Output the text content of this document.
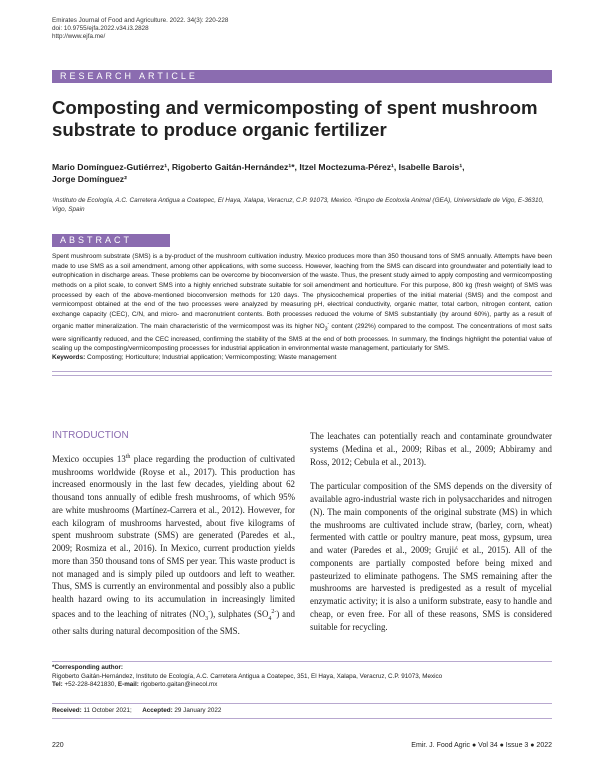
Emirates Journal of Food and Agriculture. 2022. 34(3): 220-228
doi: 10.9755/ejfa.2022.v34.i3.2828
http://www.ejfa.me/
RESEARCH ARTICLE
Composting and vermicomposting of spent mushroom substrate to produce organic fertilizer
Mario Domínguez-Gutiérrez¹, Rigoberto Gaitán-Hernández¹*, Itzel Moctezuma-Pérez¹, Isabelle Barois¹,
Jorge Domínguez²
¹Instituto de Ecología, A.C. Carretera Antigua a Coatepec, El Haya, Xalapa, Veracruz, C.P. 91073, Mexico. ²Grupo de Ecoloxía Animal (GEA), Universidade de Vigo, E-36310, Vigo, Spain
ABSTRACT
Spent mushroom substrate (SMS) is a by-product of the mushroom cultivation industry. Mexico produces more than 350 thousand tons of SMS annually. Attempts have been made to use SMS as a soil amendment, among other applications, with some success. However, leaching from the SMS can discard into groundwater and potentially lead to eutrophication in discharge areas. These problems can be overcome by bioconversion of the waste. Thus, the present study aimed to apply composting and vermicomposting methods on a pilot scale, to convert SMS into a highly enriched substrate suitable for soil amendment and horticulture. For this purpose, 800 kg (fresh weight) of SMS was processed by each of the above-mentioned bioconversion methods for 120 days. The physicochemical properties of the initial material (SMS) and the compost and vermicompost obtained at the end of the two processes were analyzed by measuring pH, electrical conductivity, organic matter, total carbon, nitrogen content, cation exchange capacity (CEC), C/N, and micro- and macronutrient contents. Both processes reduced the volume of SMS substantially (by around 60%), partly as a result of organic matter mineralization. The main characteristic of the vermicompost was its higher $NO_3^-$ content (292%) compared to the compost. The concentrations of most salts were significantly reduced, and the CEC increased, confirming the stability of the SMS at the end of both processes. In summary, the findings highlight the potential value of scaling up the composting/vermicomposting processes for industrial application in environmental waste management, particularly for SMS.
Keywords: Composting; Horticulture; Industrial application; Vermicomposting; Waste management
INTRODUCTION

Mexico occupies 13th place regarding the production of cultivated mushrooms worldwide (Royse et al., 2017). This production has increased enormously in the last few decades, yielding about 62 thousand tons annually of edible fresh mushrooms, of which 95% are white mushrooms (Martínez-Carrera et al., 2012). However, for each kilogram of mushrooms harvested, about five kilograms of spent mushroom substrate (SMS) are generated (Paredes et al., 2009; Rosmiza et al., 2016). In Mexico, current production yields more than 350 thousand tons of SMS per year. This waste product is not managed and is simply piled up outdoors and left to weather. Thus, SMS is currently an environmental and possibly also a public health hazard owing to its accumulation in increasingly limited spaces and to the leaching of nitrates $(NO_3^-)$, sulphates $(SO_4^{2-})$ and other salts during natural decomposition of the SMS.

The leachates can potentially reach and contaminate groundwater systems (Medina et al., 2009; Ribas et al., 2009; Abbiramy and Ross, 2012; Cebula et al., 2013).

The particular composition of the SMS depends on the diversity of available agro-industrial waste rich in polysaccharides and nitrogen (N). The main components of the original substrate (MS) in which the mushrooms are cultivated include straw, (barley, corn, wheat) fermented with cattle or poultry manure, peat moss, gypsum, urea and water (Paredes et al., 2009; Grujić et al., 2015). All of the components are partially composted before being mixed and pasteurized to eliminate pathogens. The SMS remaining after the mushrooms are harvested is predigested as a result of mycelial enzymatic activity; it is also a uniform substrate, easy to handle and cheap, or even free. For all of these reasons, SMS is considered suitable for recycling.

*Corresponding author:
Rigoberto Gaitán-Hernández, Instituto de Ecología, A.C. Carretera Antigua a Coatepec, 351, El Haya, Xalapa, Veracruz, C.P. 91073, Mexico
Tel: +52-228-8421830, E-mail: rigoberto.gaitan@inecol.mx
Received: 11 October 2021; Accepted: 29 January 2022
220	Emir. J. Food Agric ● Vol 34 ● Issue 3 ● 2022
